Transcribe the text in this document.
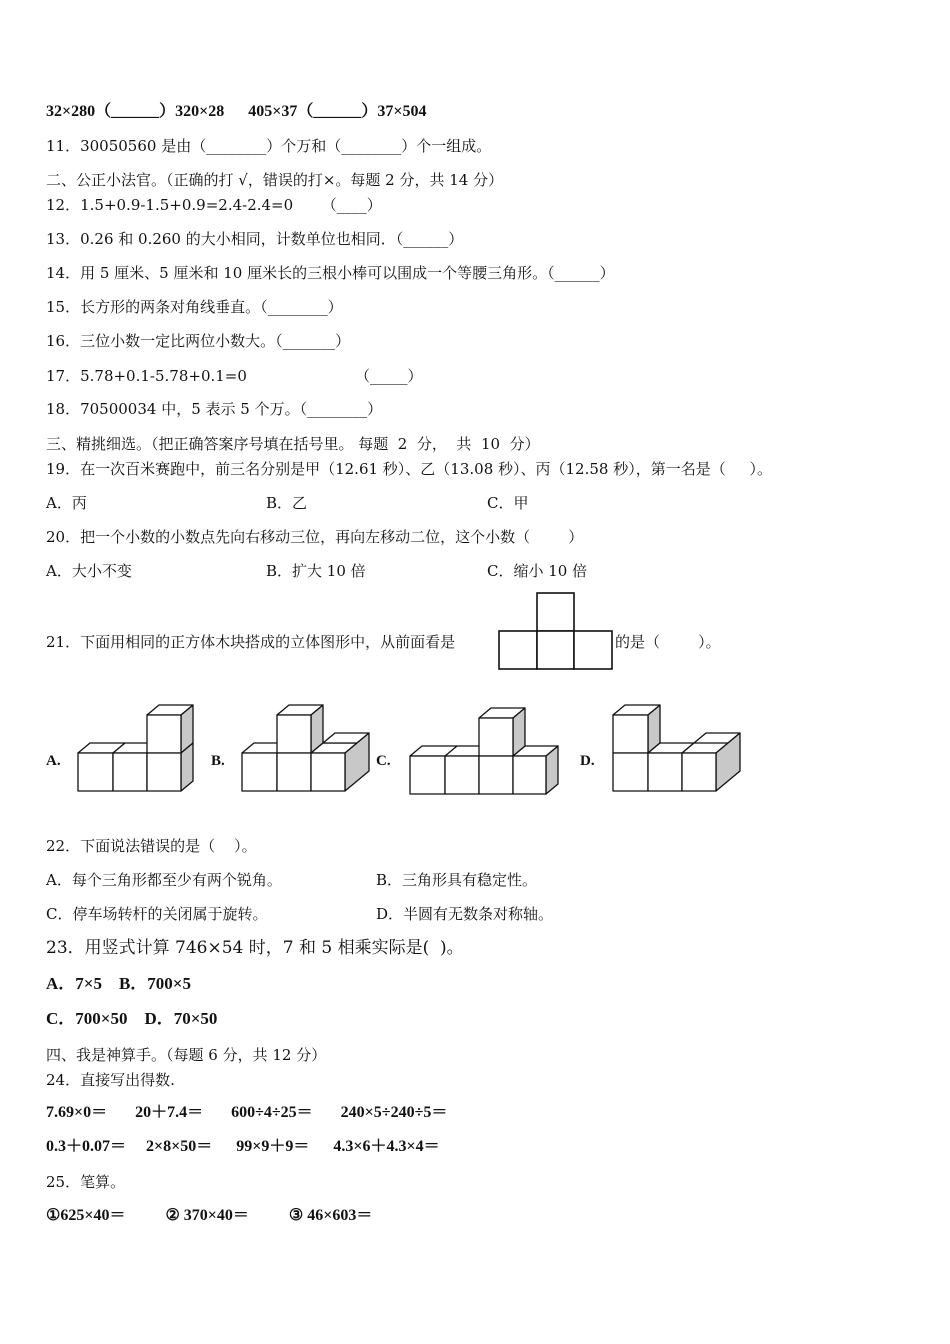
32×280（______）320×28      405×37（______）37×504
11．30050560 是由（________）个万和（________）个一组成。
二、公正小法官。（正确的打 √，错误的打×。每题 2 分，共 14 分）
12．1.5+0.9-1.5+0.9=2.4-2.4=0      （____）
13．0.26 和 0.260 的大小相同，计数单位也相同．（______）
14．用 5 厘米、5 厘米和 10 厘米长的三根小棒可以围成一个等腰三角形。（______）
15．长方形的两条对角线垂直。（________）
16．三位小数一定比两位小数大。（_______）
17．5.78+0.1-5.78+0.1=0	（_____）
18．70500034 中，5 表示 5 个万。（________）
三、精挑细选。（把正确答案序号填在括号里。 每题  2  分，  共  10  分）
19．在一次百米赛跑中，前三名分别是甲（12.61 秒）、乙（13.08 秒）、丙（12.58 秒），第一名是（     ）。
A．丙	B．乙	C．甲
20．把一个小数的小数点先向右移动三位，再向左移动二位，这个小数（        ）
A．大小不变	B．扩大 10 倍	C．缩小 10 倍
21．下面用相同的正方体木块搭成的立体图形中，从前面看是	的是（        ）。
A.	B.	C.	D.
22．下面说法错误的是（    ）。
A．每个三角形都至少有两个锐角。	B．三角形具有稳定性。
C．停车场转杆的关闭属于旋转。	D．半圆有无数条对称轴。
23．用竖式计算 746×54 时，7 和 5 相乘实际是(  )。
A．7×5    B．700×5
C．700×50    D．70×50
四、我是神算手。（每题 6 分，共 12 分）
24．直接写出得数.
7.69×0＝       20＋7.4＝       600÷4÷25＝       240×5÷240÷5＝
0.3＋0.07＝     2×8×50＝      99×9＋9＝      4.3×6＋4.3×4＝
25．笔算。
①625×40＝          ② 370×40＝          ③ 46×603＝
